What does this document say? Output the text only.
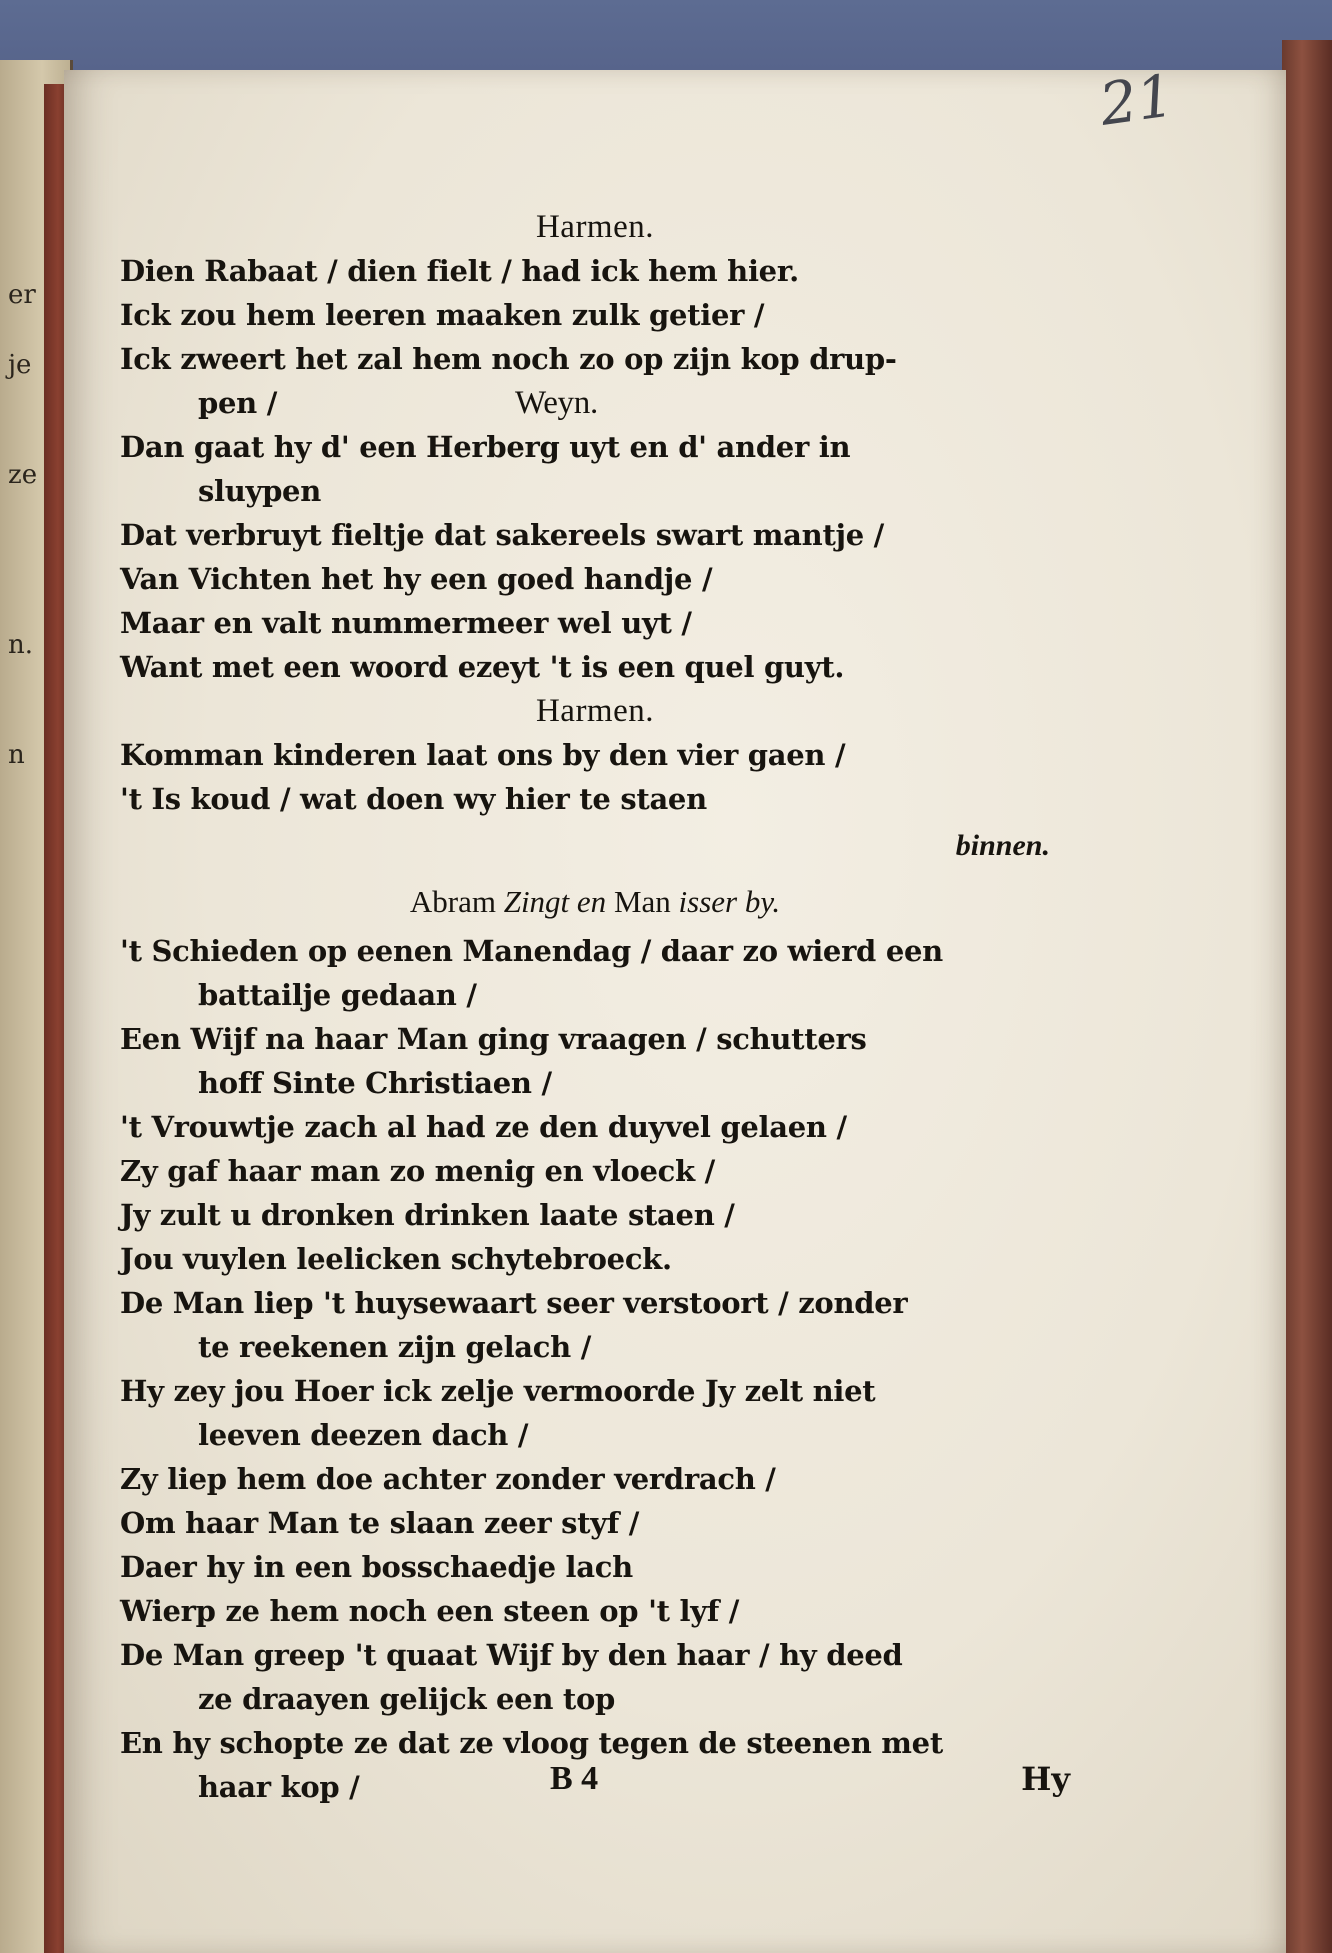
er
je
ze
n.
n
21
Harmen.
Dien Rabaat / dien fielt / had ick hem hier.
Ick zou hem leeren maaken zulk getier /
Ick zweert het zal hem noch zo op zijn kop drup-
pen /	Weyn.
Dan gaat hy d' een Herberg uyt en d' ander in
sluypen
Dat verbruyt fieltje dat sakereels swart mantje /
Van Vichten het hy een goed handje /
Maar en valt nummermeer wel uyt /
Want met een woord ezeyt 't is een quel guyt.
Harmen.
Komman kinderen laat ons by den vier gaen /
't Is koud / wat doen wy hier te staen
binnen.
Abram Zingt en Man isser by.
't Schieden op eenen Manendag / daar zo wierd een
battailje gedaan /
Een Wijf na haar Man ging vraagen / schutters
hoff Sinte Christiaen /
't Vrouwtje zach al had ze den duyvel gelaen /
Zy gaf haar man zo menig en vloeck /
Jy zult u dronken drinken laate staen /
Jou vuylen leelicken schytebroeck.
De Man liep 't huysewaart seer verstoort / zonder
te reekenen zijn gelach /
Hy zey jou Hoer ick zelje vermoorde Jy zelt niet
leeven deezen dach /
Zy liep hem doe achter zonder verdrach /
Om haar Man te slaan zeer styf /
Daer hy in een bosschaedje lach
Wierp ze hem noch een steen op 't lyf /
De Man greep 't quaat Wijf by den haar / hy deed
ze draayen gelijck een top
En hy schopte ze dat ze vloog tegen de steenen met
haar kop /	B 4	Hy
